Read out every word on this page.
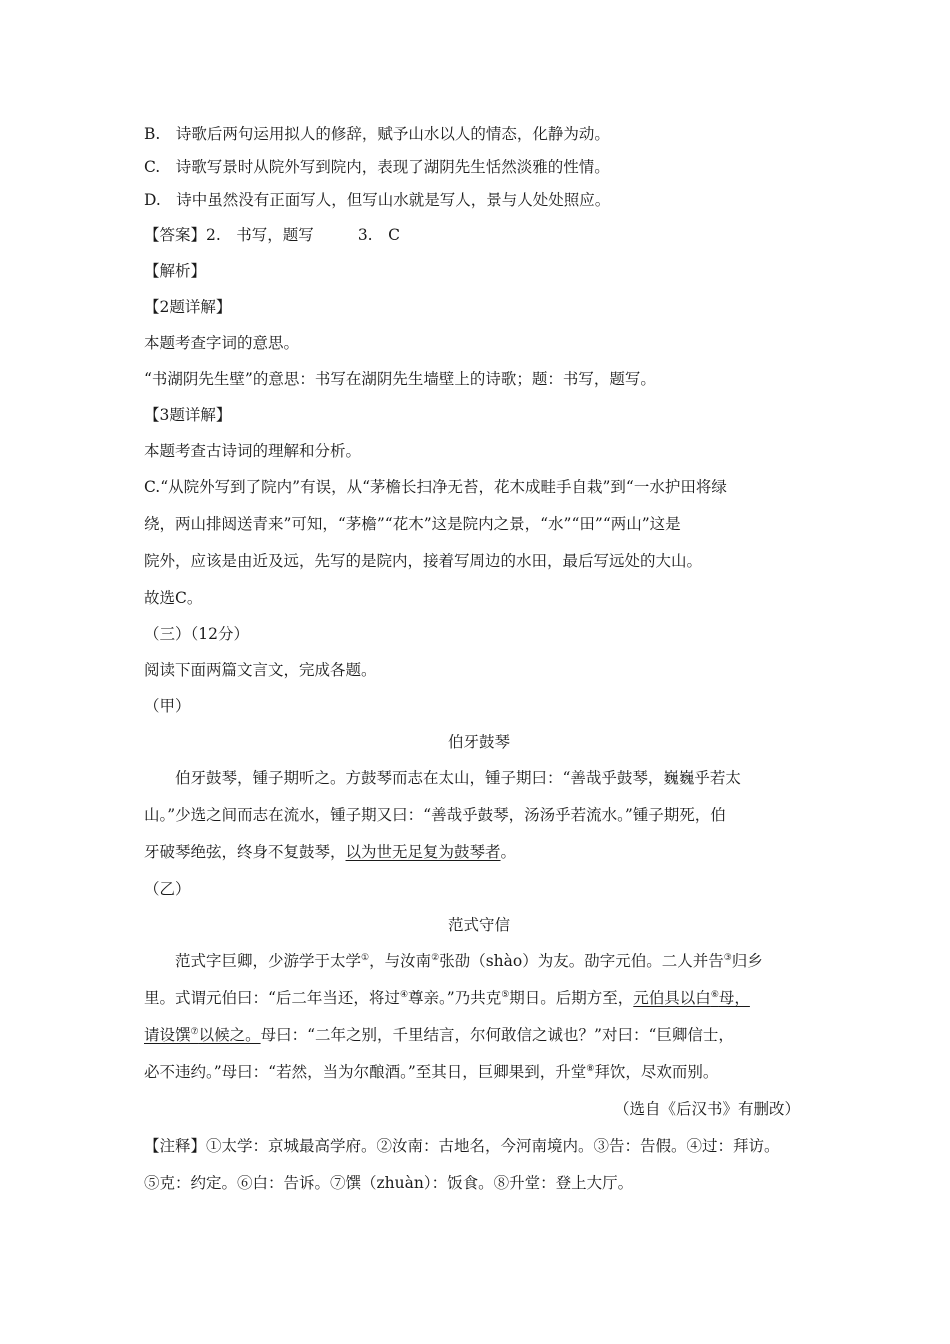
B. 诗歌后两句运用拟人的修辞，赋予山水以人的情态，化静为动。
C. 诗歌写景时从院外写到院内，表现了湖阴先生恬然淡雅的性情。
D. 诗中虽然没有正面写人，但写山水就是写人，景与人处处照应。
【答案】2. 书写，题写	3. C
【解析】
【2题详解】
本题考查字词的意思。
“书湖阴先生壁”的意思：书写在湖阴先生墙壁上的诗歌；题：书写，题写。
【3题详解】
本题考查古诗词的理解和分析。
C.“从院外写到了院内”有误，从“茅檐长扫净无苔，花木成畦手自栽”到“一水护田将绿
绕，两山排闼送青来”可知，“茅檐”“花木”这是院内之景，“水”“田”“两山”这是
院外，应该是由近及远，先写的是院内，接着写周边的水田，最后写远处的大山。
故选C。
（三）（12分）
阅读下面两篇文言文，完成各题。
（甲）
伯牙鼓琴
伯牙鼓琴，锺子期听之。方鼓琴而志在太山，锺子期曰：“善哉乎鼓琴，巍巍乎若太
山。”少选之间而志在流水，锺子期又曰：“善哉乎鼓琴，汤汤乎若流水。”锺子期死，伯
牙破琴绝弦，终身不复鼓琴，以为世无足复为鼓琴者。
（乙）
范式守信
范式字巨卿，少游学于太学①，与汝南②张劭（shào）为友。劭字元伯。二人并告③归乡
里。式谓元伯曰：“后二年当还，将过④尊亲。”乃共克⑤期日。后期方至，元伯具以白⑥母，
请设馔⑦以候之。母曰：“二年之别，千里结言，尔何敢信之诚也？”对曰：“巨卿信士，
必不违约。”母曰：“若然，当为尔酿酒。”至其日，巨卿果到，升堂⑧拜饮，尽欢而别。
（选自《后汉书》有删改）
【注释】①太学：京城最高学府。②汝南：古地名，今河南境内。③告：告假。④过：拜访。
⑤克：约定。⑥白：告诉。⑦馔（zhuàn）：饭食。⑧升堂：登上大厅。
